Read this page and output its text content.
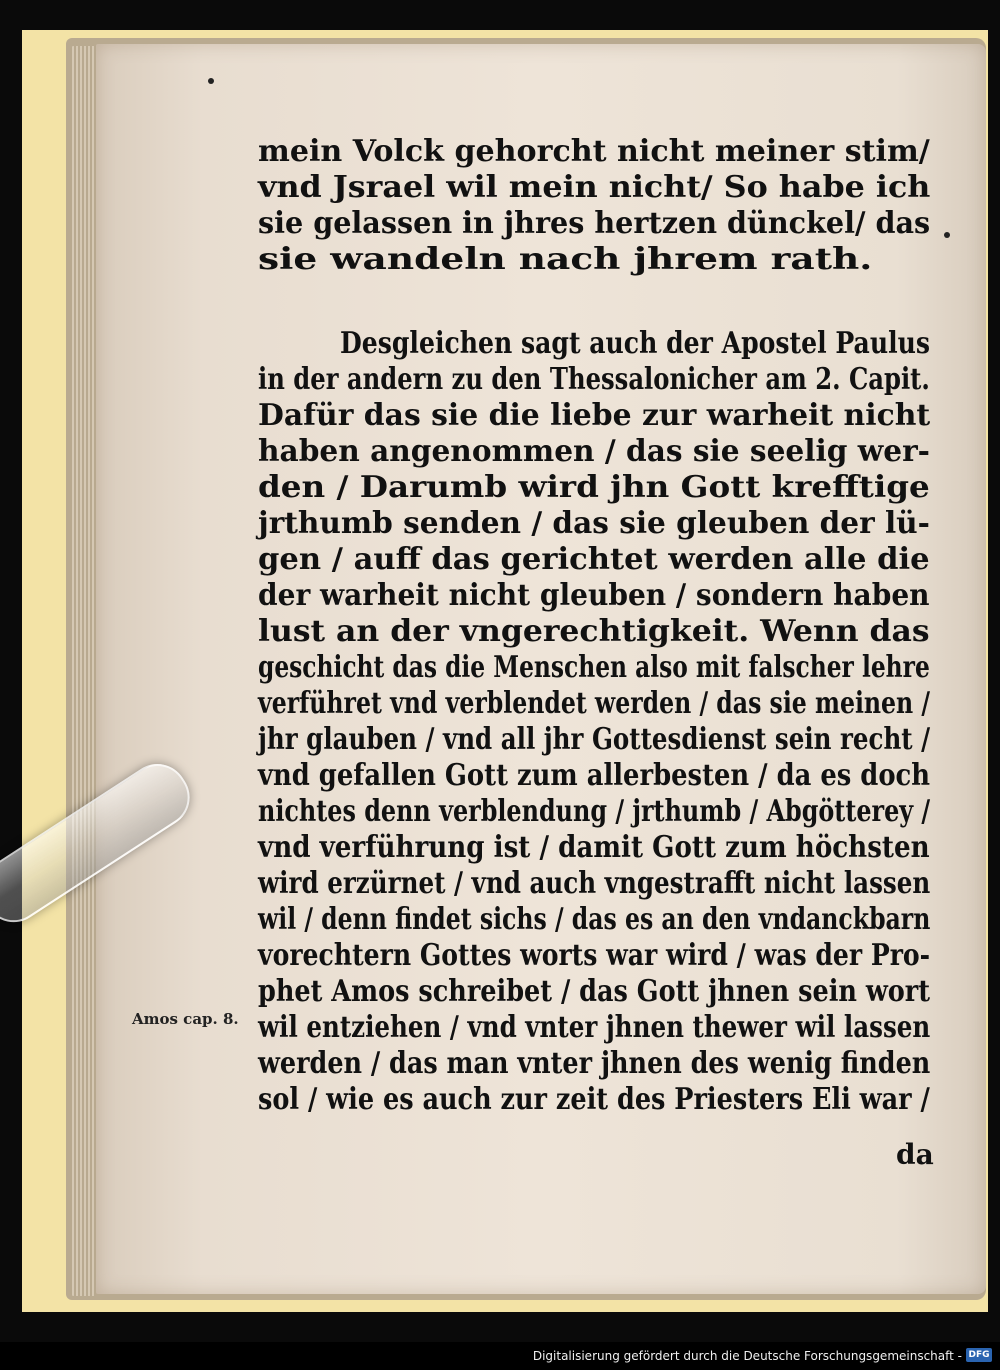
mein Volck gehorcht nicht meiner stim/
vnd Jsrael wil mein nicht/ So habe ich
sie gelassen in jhres hertzen dünckel/ das
sie wandeln nach jhrem rath.
Desgleichen sagt auch der Apostel Paulus
in der andern zu den Thessalonicher am 2. Capit.
Dafür das sie die liebe zur warheit nicht
haben angenommen / das sie seelig wer-
den / Darumb wird jhn Gott krefftige
jrthumb senden / das sie gleuben der lü-
gen / auff das gerichtet werden alle die
der warheit nicht gleuben / sondern haben
lust an der vngerechtigkeit. Wenn das
geschicht das die Menschen also mit falscher lehre
verführet vnd verblendet werden / das sie meinen /
jhr glauben / vnd all jhr Gottesdienst sein recht /
vnd gefallen Gott zum allerbesten / da es doch
nichtes denn verblendung / jrthumb / Abgötterey /
vnd verführung ist / damit Gott zum höchsten
wird erzürnet / vnd auch vngestrafft nicht lassen
wil / denn findet sichs / das es an den vndanckbarn
vorechtern Gottes worts war wird / was der Pro-
phet Amos schreibet / das Gott jhnen sein wort
wil entziehen / vnd vnter jhnen thewer wil lassen
werden / das man vnter jhnen des wenig finden
sol / wie es auch zur zeit des Priesters Eli war /
Amos cap. 8.
da
Digitalisierung gefördert durch die Deutsche Forschungsgemeinschaft - DFG
